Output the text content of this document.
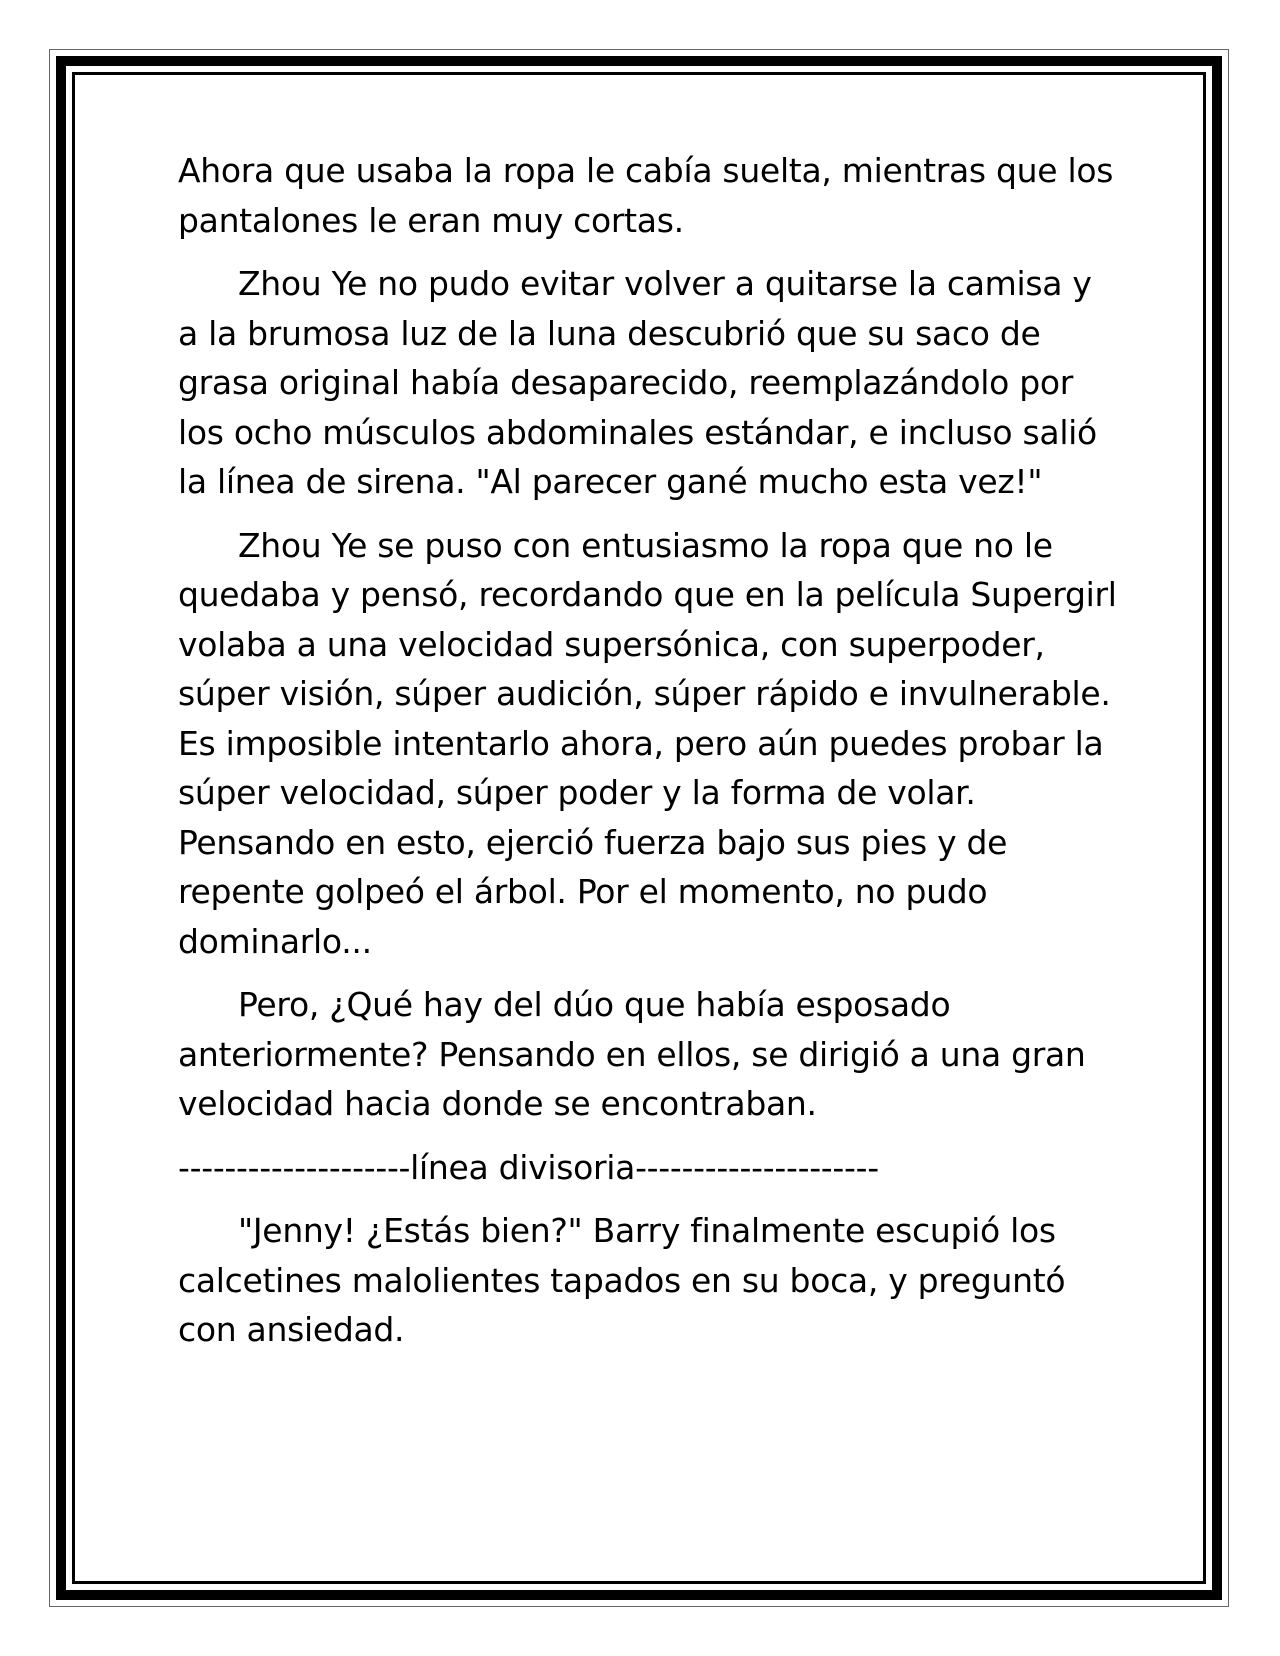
Ahora que usaba la ropa le cabía suelta, mientras que los pantalones le eran muy cortas.

Zhou Ye no pudo evitar volver a quitarse la camisa y a la brumosa luz de la luna descubrió que su saco de grasa original había desaparecido, reemplazándolo por los ocho músculos abdominales estándar, e incluso salió la línea de sirena. "Al parecer gané mucho esta vez!"

Zhou Ye se puso con entusiasmo la ropa que no le quedaba y pensó, recordando que en la película Supergirl volaba a una velocidad supersónica, con superpoder, súper visión, súper audición, súper rápido e invulnerable. Es imposible intentarlo ahora, pero aún puedes probar la súper velocidad, súper poder y la forma de volar. Pensando en esto, ejerció fuerza bajo sus pies y de repente golpeó el árbol. Por el momento, no pudo dominarlo...

Pero, ¿Qué hay del dúo que había esposado anteriormente? Pensando en ellos, se dirigió a una gran velocidad hacia donde se encontraban.

--------------------línea divisoria---------------------

"Jenny! ¿Estás bien?" Barry finalmente escupió los calcetines malolientes tapados en su boca, y preguntó con ansiedad.
